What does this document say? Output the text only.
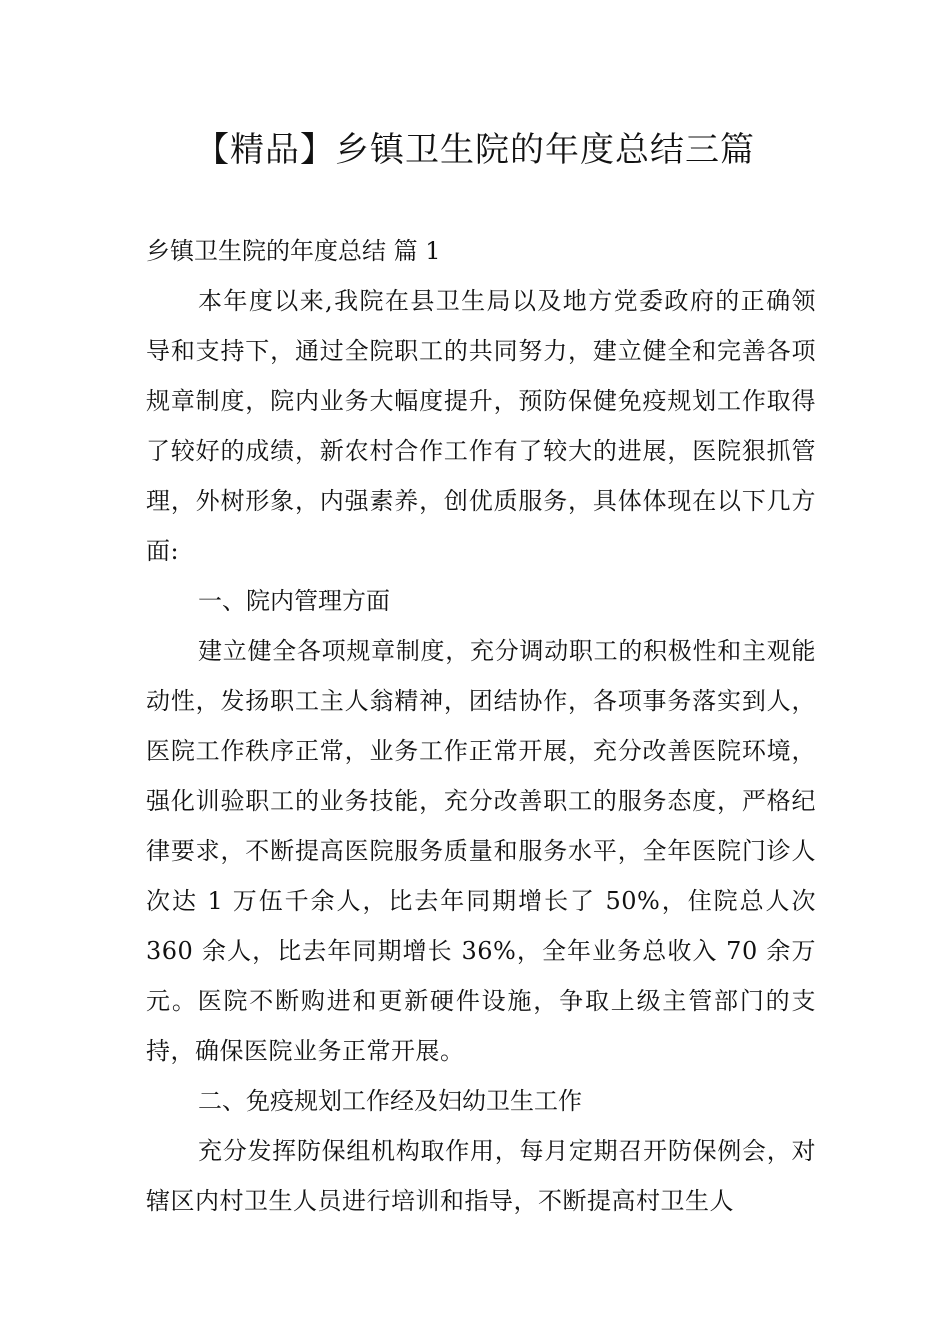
【精品】乡镇卫生院的年度总结三篇

乡镇卫生院的年度总结 篇 1

本年度以来,我院在县卫生局以及地方党委政府的正确领导和支持下，通过全院职工的共同努力，建立健全和完善各项规章制度，院内业务大幅度提升，预防保健免疫规划工作取得了较好的成绩，新农村合作工作有了较大的进展，医院狠抓管理，外树形象，内强素养，创优质服务，具体体现在以下几方面:

一、院内管理方面

建立健全各项规章制度，充分调动职工的积极性和主观能动性，发扬职工主人翁精神，团结协作，各项事务落实到人，医院工作秩序正常，业务工作正常开展，充分改善医院环境，强化训验职工的业务技能，充分改善职工的服务态度，严格纪律要求，不断提高医院服务质量和服务水平，全年医院门诊人次达 1 万伍千余人，比去年同期增长了 50%，住院总人次 360 余人，比去年同期增长 36%，全年业务总收入 70 余万元。医院不断购进和更新硬件设施，争取上级主管部门的支持，确保医院业务正常开展。

二、免疫规划工作经及妇幼卫生工作

充分发挥防保组机构取作用，每月定期召开防保例会，对辖区内村卫生人员进行培训和指导，不断提高村卫生人
